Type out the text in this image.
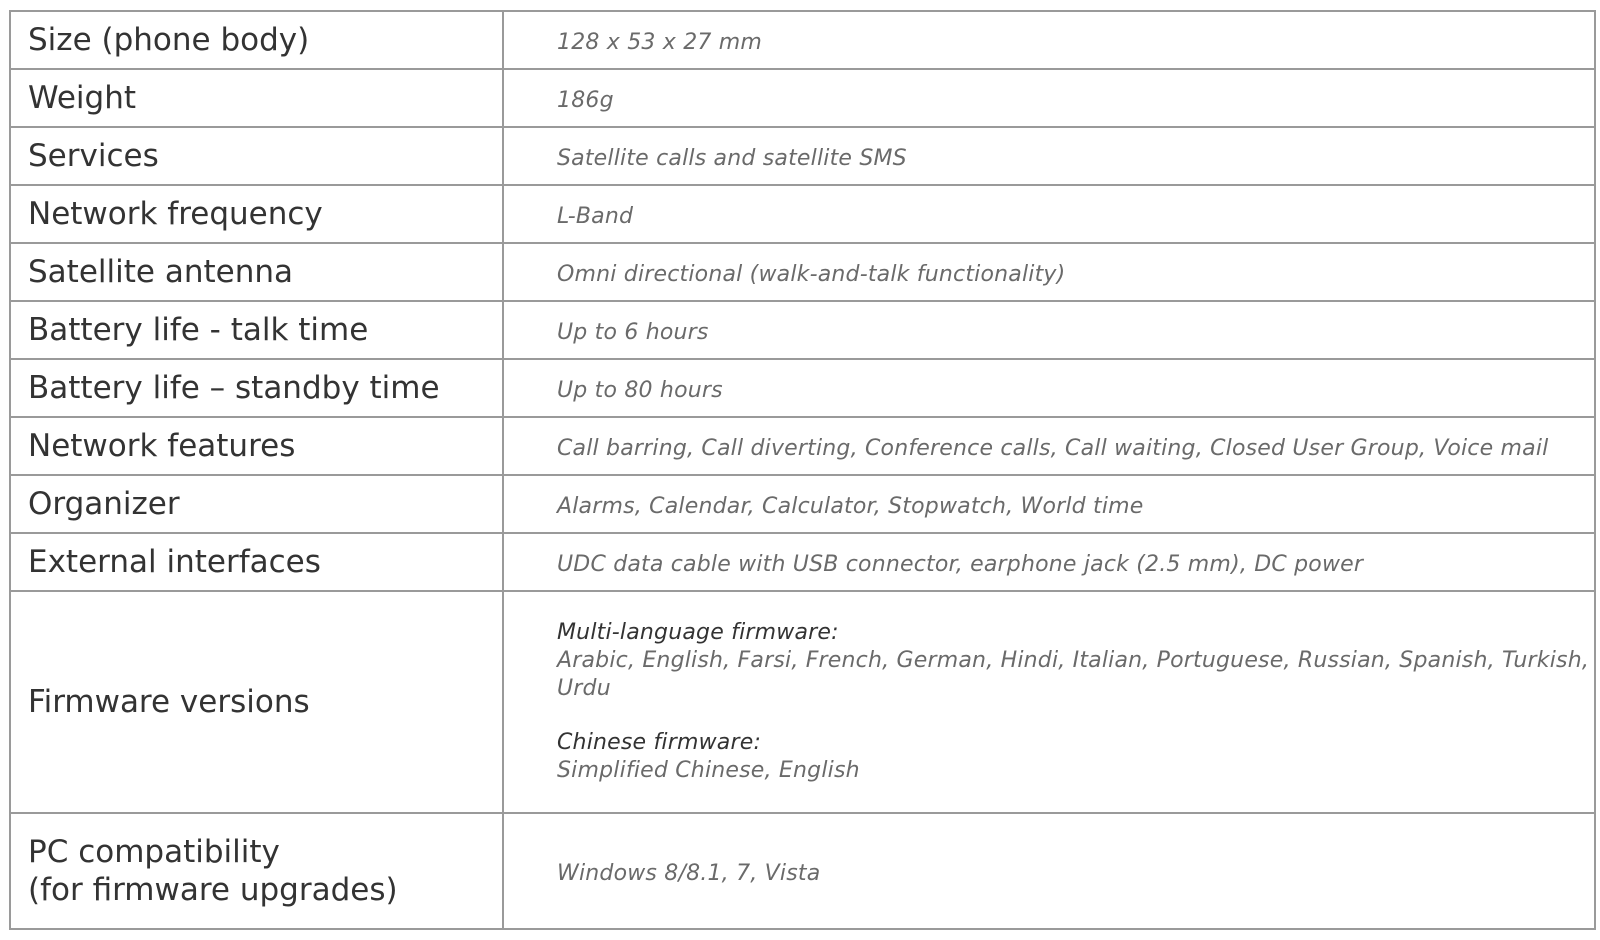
Size (phone body)	128 x 53 x 27 mm

Weight	186g

Services	Satellite calls and satellite SMS

Network frequency	L-Band

Satellite antenna	Omni directional (walk-and-talk functionality)

Battery life - talk time	Up to 6 hours

Battery life – standby time	Up to 80 hours

Network features	Call barring, Call diverting, Conference calls, Call waiting, Closed User Group, Voice mail

Organizer	Alarms, Calendar, Calculator, Stopwatch, World time

External interfaces	UDC data cable with USB connector, earphone jack (2.5 mm), DC power

Firmware versions	Multi-language firmware:
Arabic, English, Farsi, French, German, Hindi, Italian, Portuguese, Russian, Spanish, Turkish, Urdu
Chinese firmware:
Simplified Chinese, English

PC compatibility
(for firmware upgrades)	Windows 8/8.1, 7, Vista
